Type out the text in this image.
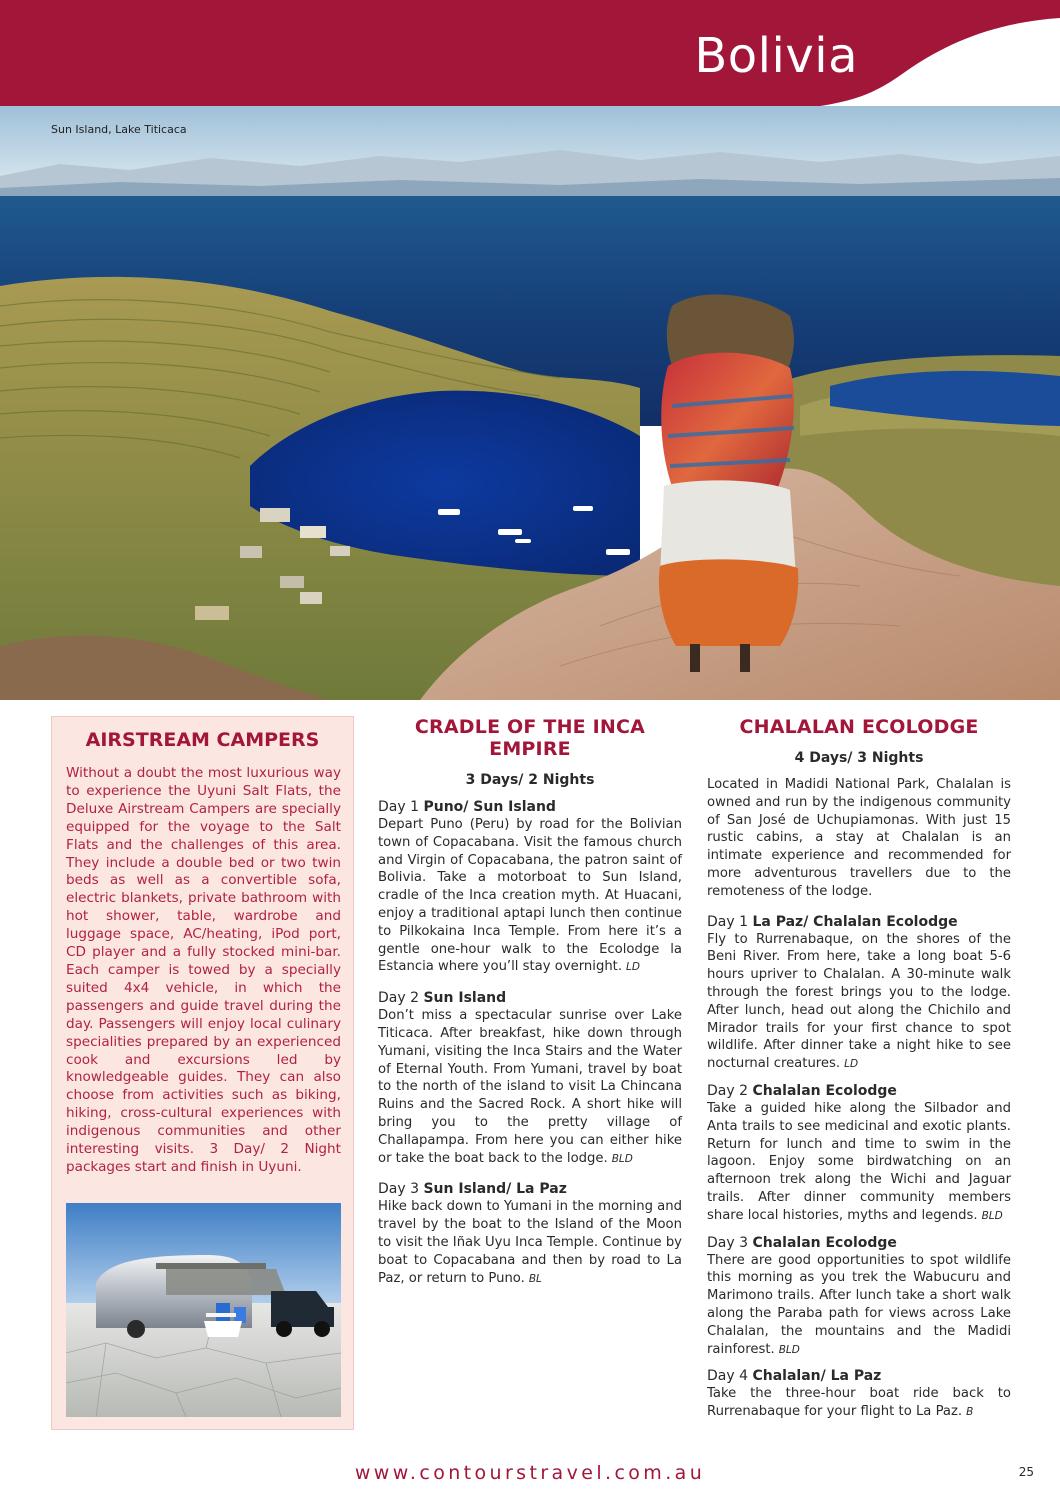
Bolivia
Sun Island, Lake Titicaca
AIRSTREAM CAMPERS

Without a doubt the most luxurious way to experience the Uyuni Salt Flats, the Deluxe Airstream Campers are specially equipped for the voyage to the Salt Flats and the challenges of this area. They include a double bed or two twin beds as well as a convertible sofa, electric blankets, private bathroom with hot shower, table, wardrobe and luggage space, AC/heating, iPod port, CD player and a fully stocked mini-bar. Each camper is towed by a specially suited 4x4 vehicle, in which the passengers and guide travel during the day. Passengers will enjoy local culinary specialities prepared by an experienced cook and excursions led by knowledgeable guides. They can also choose from activities such as biking, hiking, cross-cultural experiences with indigenous communities and other interesting visits. 3 Day/ 2 Night packages start and finish in Uyuni.

CRADLE OF THE INCA EMPIRE
3 Days/ 2 Nights

Day 1 Puno/ Sun Island

Depart Puno (Peru) by road for the Bolivian town of Copacabana. Visit the famous church and Virgin of Copacabana, the patron saint of Bolivia. Take a motorboat to Sun Island, cradle of the Inca creation myth. At Huacani, enjoy a traditional aptapi lunch then continue to Pilkokaina Inca Temple. From here it’s a gentle one-hour walk to the Ecolodge la Estancia where you’ll stay overnight. LD

Day 2 Sun Island

Don’t miss a spectacular sunrise over Lake Titicaca. After breakfast, hike down through Yumani, visiting the Inca Stairs and the Water of Eternal Youth. From Yumani, travel by boat to the north of the island to visit La Chincana Ruins and the Sacred Rock. A short hike will bring you to the pretty village of Challapampa. From here you can either hike or take the boat back to the lodge. BLD

Day 3 Sun Island/ La Paz

Hike back down to Yumani in the morning and travel by the boat to the Island of the Moon to visit the Iñak Uyu Inca Temple. Continue by boat to Copacabana and then by road to La Paz, or return to Puno. BL

CHALALAN ECOLODGE
4 Days/ 3 Nights

Located in Madidi National Park, Chalalan is owned and run by the indigenous community of San José de Uchupiamonas. With just 15 rustic cabins, a stay at Chalalan is an intimate experience and recommended for more adventurous travellers due to the remoteness of the lodge.

Day 1 La Paz/ Chalalan Ecolodge

Fly to Rurrenabaque, on the shores of the Beni River. From here, take a long boat 5-6 hours upriver to Chalalan. A 30-minute walk through the forest brings you to the lodge. After lunch, head out along the Chichilo and Mirador trails for your first chance to spot wildlife. After dinner take a night hike to see nocturnal creatures. LD

Day 2 Chalalan Ecolodge

Take a guided hike along the Silbador and Anta trails to see medicinal and exotic plants. Return for lunch and time to swim in the lagoon. Enjoy some birdwatching on an afternoon trek along the Wichi and Jaguar trails. After dinner community members share local histories, myths and legends. BLD

Day 3 Chalalan Ecolodge

There are good opportunities to spot wildlife this morning as you trek the Wabucuru and Marimono trails. After lunch take a short walk along the Paraba path for views across Lake Chalalan, the mountains and the Madidi rainforest. BLD

Day 4 Chalalan/ La Paz

Take the three-hour boat ride back to Rurrenabaque for your flight to La Paz. B

www.contourstravel.com.au	25
